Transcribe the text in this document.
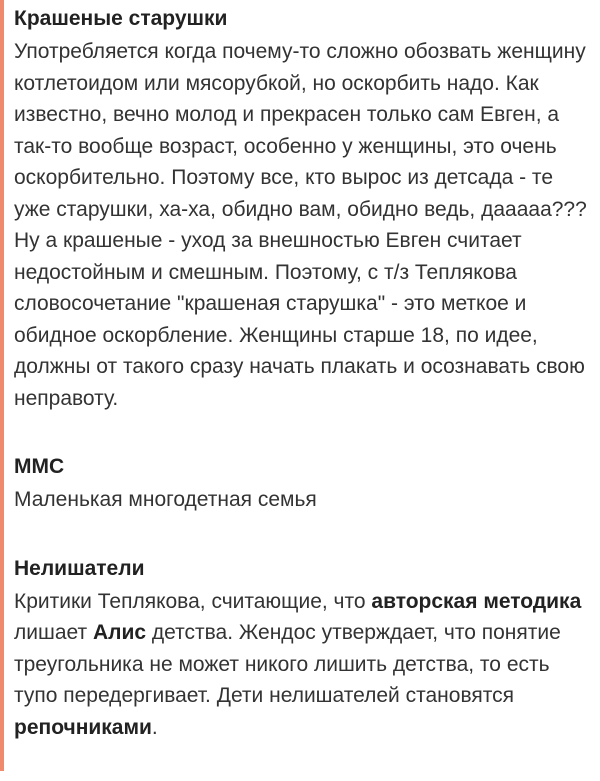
Крашеные старушки

Употребляется когда почему-то сложно обозвать женщину котлетоидом или мясорубкой, но оскорбить надо. Как известно, вечно молод и прекрасен только сам Евген, а так-то вообще возраст, особенно у женщины, это очень оскорбительно. Поэтому все, кто вырос из детсада - те уже старушки, ха-ха, обидно вам, обидно ведь, дааааа??? Ну а крашеные - уход за внешностью Евген считает недостойным и смешным. Поэтому, с т/з Теплякова словосочетание "крашеная старушка" - это меткое и обидное оскорбление. Женщины старше 18, по идее, должны от такого сразу начать плакать и осознавать свою неправоту.

ММС

Маленькая многодетная семья

Нелишатели

Критики Теплякова, считающие, что авторская методика лишает Алис детства. Жендос утверждает, что понятие треугольника не может никого лишить детства, то есть тупо передергивает. Дети нелишателей становятся репочниками.
